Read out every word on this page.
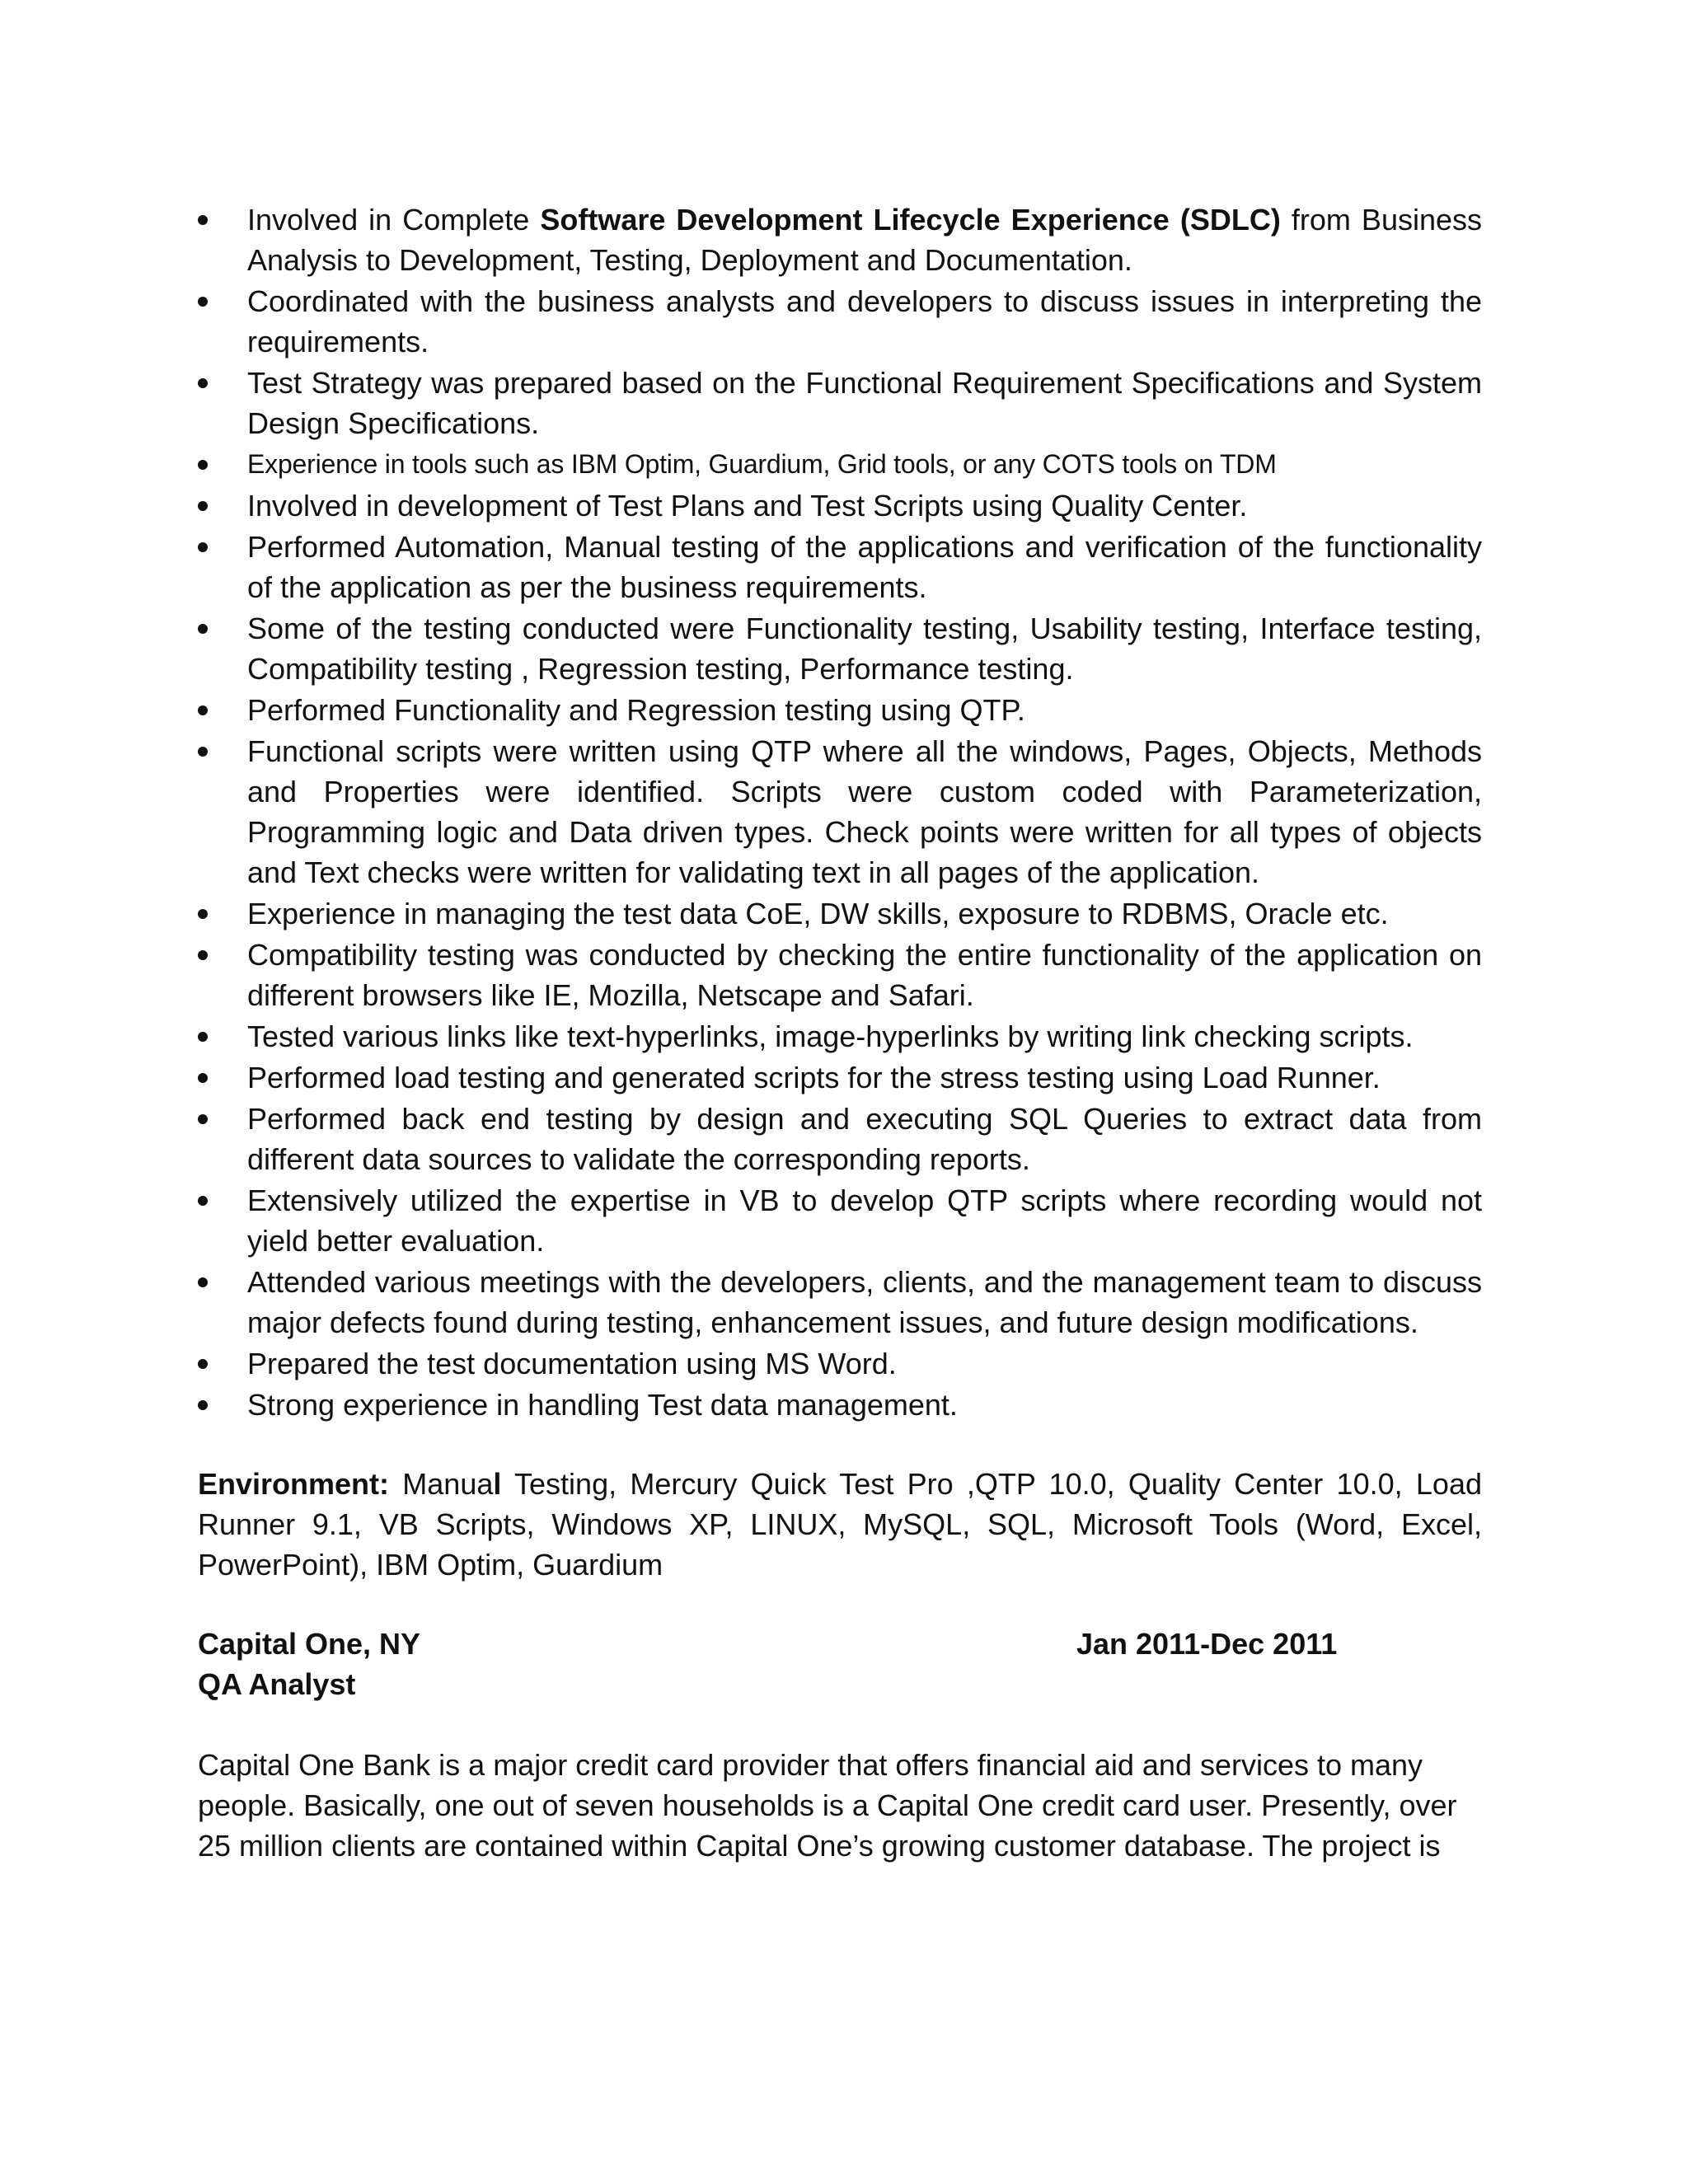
Involved in Complete Software Development Lifecycle Experience (SDLC) from Business Analysis to Development, Testing, Deployment and Documentation.
Coordinated with the business analysts and developers to discuss issues in interpreting the requirements.
Test Strategy was prepared based on the Functional Requirement Specifications and System Design Specifications.
Experience in tools such as IBM Optim, Guardium, Grid tools, or any COTS tools on TDM
Involved in development of Test Plans and Test Scripts using Quality Center.
Performed Automation, Manual testing of the applications and verification of the functionality of the application as per the business requirements.
Some of the testing conducted were Functionality testing, Usability testing, Interface testing, Compatibility testing , Regression testing, Performance testing.
Performed Functionality and Regression testing using QTP.
Functional scripts were written using QTP where all the windows, Pages, Objects, Methods and Properties were identified. Scripts were custom coded with Parameterization, Programming logic and Data driven types. Check points were written for all types of objects and Text checks were written for validating text in all pages of the application.
Experience in managing the test data CoE, DW skills, exposure to RDBMS, Oracle etc.
Compatibility testing was conducted by checking the entire functionality of the application on different browsers like IE, Mozilla, Netscape and Safari.
Tested various links like text-hyperlinks, image-hyperlinks by writing link checking scripts.
Performed load testing and generated scripts for the stress testing using Load Runner.
Performed back end testing by design and executing SQL Queries to extract data from different data sources to validate the corresponding reports.
Extensively utilized the expertise in VB to develop QTP scripts where recording would not yield better evaluation.
Attended various meetings with the developers, clients, and the management team to discuss major defects found during testing, enhancement issues, and future design modifications.
Prepared the test documentation using MS Word.
Strong experience in handling Test data management.
Environment: Manual Testing, Mercury Quick Test Pro ,QTP 10.0, Quality Center 10.0, Load Runner 9.1, VB Scripts, Windows XP, LINUX, MySQL, SQL, Microsoft Tools (Word, Excel, PowerPoint), IBM Optim, Guardium
Capital One, NY	Jan 2011-Dec 2011
QA Analyst
Capital One Bank is a major credit card provider that offers financial aid and services to many people. Basically, one out of seven households is a Capital One credit card user. Presently, over 25 million clients are contained within Capital One’s growing customer database. The project is
